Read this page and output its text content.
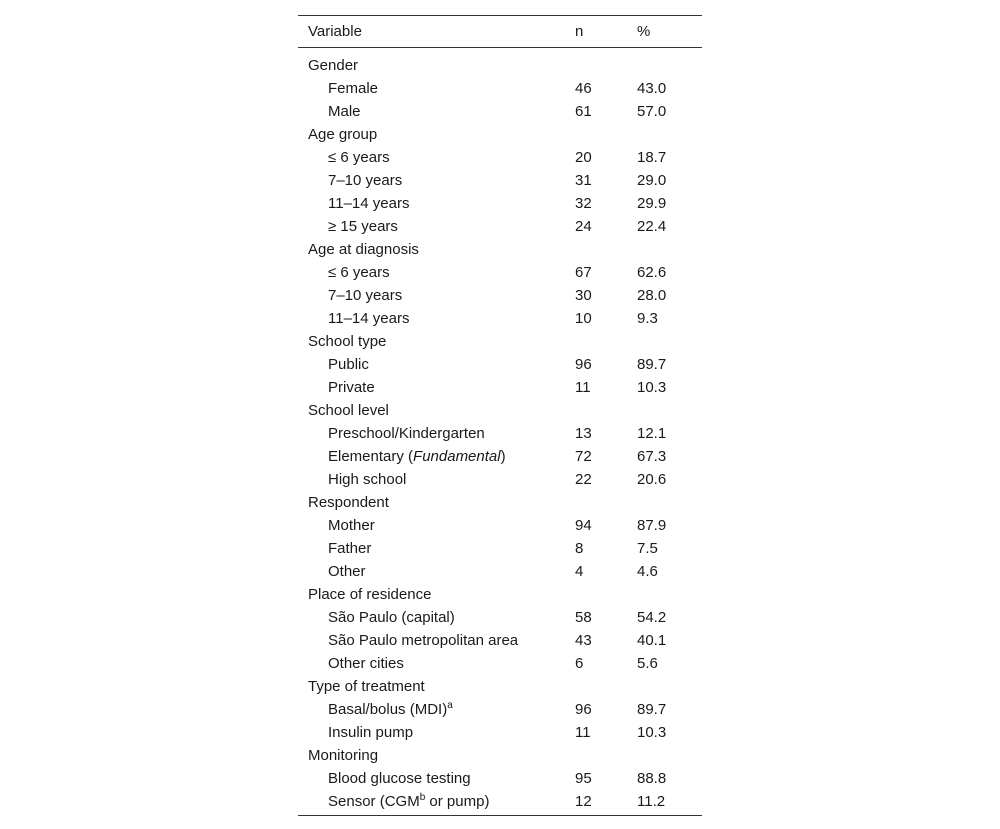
Variable	n	%
Gender		
Female	46	43.0
Male	61	57.0
Age group		
≤ 6 years	20	18.7
7–10 years	31	29.0
11–14 years	32	29.9
≥ 15 years	24	22.4
Age at diagnosis		
≤ 6 years	67	62.6
7–10 years	30	28.0
11–14 years	10	9.3
School type		
Public	96	89.7
Private	11	10.3
School level		
Preschool/Kindergarten	13	12.1
Elementary (Fundamental)	72	67.3
High school	22	20.6
Respondent		
Mother	94	87.9
Father	8	7.5
Other	4	4.6
Place of residence		
São Paulo (capital)	58	54.2
São Paulo metropolitan area	43	40.1
Other cities	6	5.6
Type of treatment		
Basal/bolus (MDI)$^a$	96	89.7
Insulin pump	11	10.3
Monitoring		
Blood glucose testing	95	88.8
Sensor (CGM$^b$ or pump)	12	11.2
